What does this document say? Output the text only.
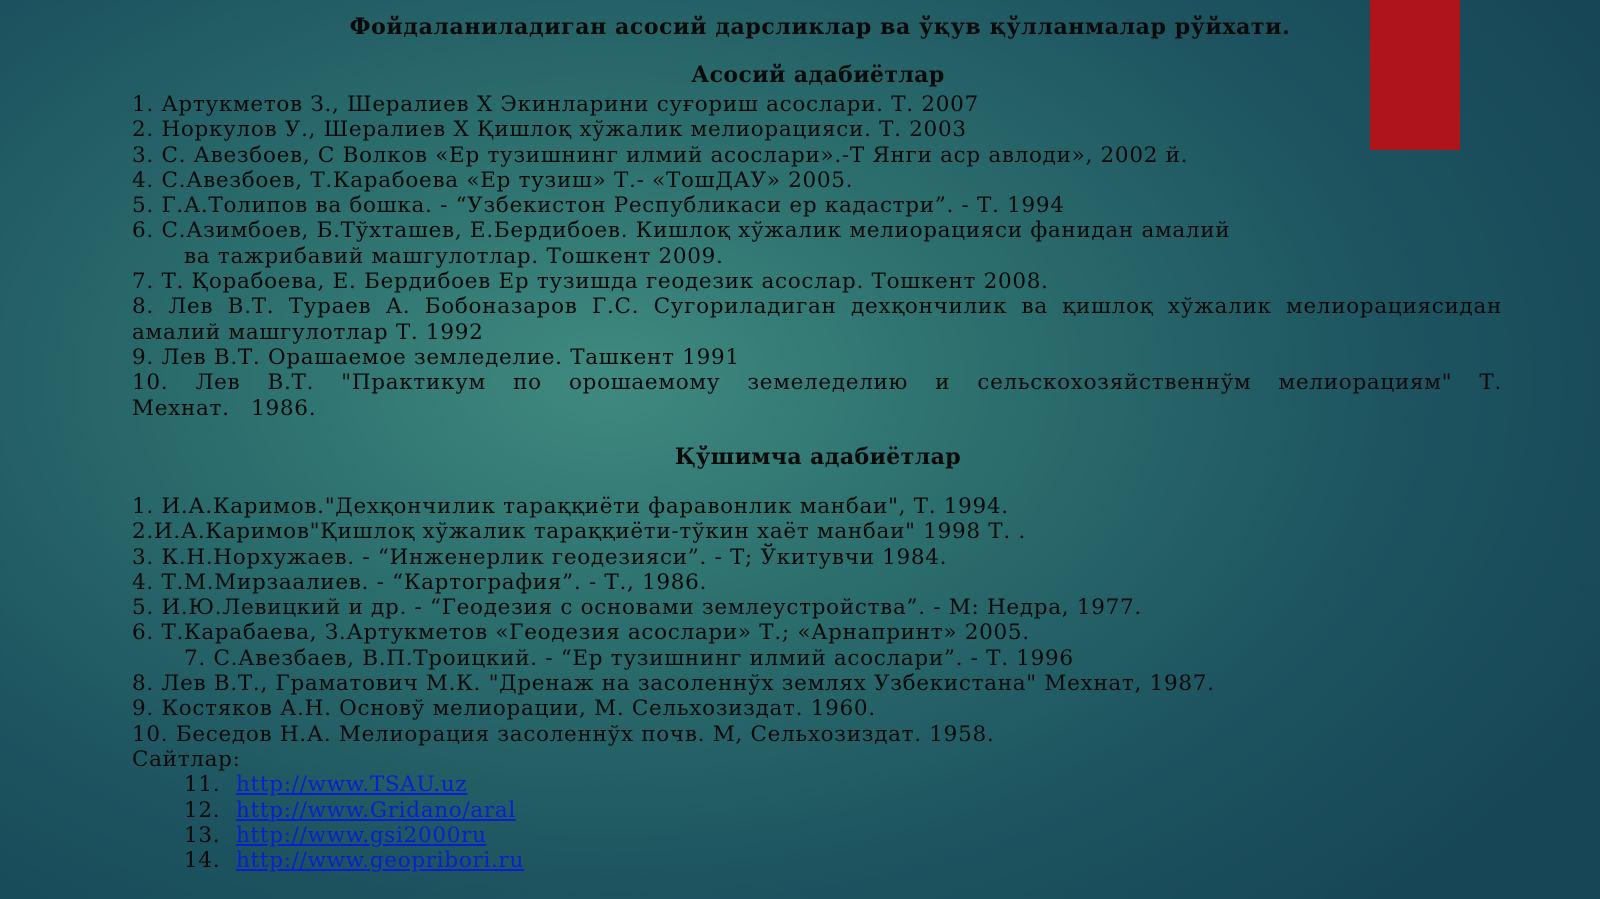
Фойдаланиладиган асосий дарсликлар ва ўқув қўлланмалар рўйхати.
Асосий адабиётлар

1. Артукметов З., Шералиев Х Экинларини суғориш асослари. Т. 2007

2. Норкулов У., Шералиев Х Қишлоқ хўжалик мелиорацияси. Т. 2003

3. С. Авезбоев, С Волков «Ер тузишнинг илмий асослари».-Т Янги аср авлоди», 2002 й.

4. С.Авезбоев, Т.Карабоева «Ер тузиш» Т.- «ТошДАУ» 2005.

5. Г.А.Толипов ва бошка. - “Узбекистон Республикаси ер кадастри”. - Т. 1994

6. С.Азимбоев, Б.Тўхташев, Е.Бердибоев. Кишлоқ хўжалик мелиорацияси фанидан амалий

ва тажрибавий машгулотлар. Тошкент 2009.

7. Т. Қорабоева, Е. Бердибоев Ер тузишда геодезик асослар. Тошкент 2008.

8. Лев В.Т. Тураев А. Бобоназаров Г.С. Сугориладиган дехқончилик ва қишлоқ хўжалик мелиорациясидан амалий машгулотлар Т. 1992

9. Лев В.Т. Орашаемое земледелие. Ташкент 1991

10. Лев В.Т. "Практикум по орошаемому земеледелию и сельскохозяйственнўм мелиорациям" Т. Мехнат. 1986.

Қўшимча адабиётлар

1. И.А.Каримов."Дехқончилик тараққиёти фаравонлик манбаи", Т. 1994.

2.И.А.Каримов"Қишлоқ хўжалик тараққиёти-тўкин хаёт манбаи" 1998 Т. .

3. К.Н.Норхужаев. - “Инженерлик геодезияси”. - Т; Ўкитувчи 1984.

4. Т.М.Мирзаалиев. - “Картография”. - Т., 1986.

5. И.Ю.Левицкий и др. - “Геодезия с основами землеустройства”. - М: Недра, 1977.

6. Т.Карабаева, З.Артукметов «Геодезия асослари» Т.; «Арнапринт» 2005.

7. С.Авезбаев, В.П.Троицкий. - “Ер тузишнинг илмий асослари”. - Т. 1996

8. Лев В.Т., Граматович М.К. "Дренаж на засоленнўх землях Узбекистана" Мехнат, 1987.

9. Костяков А.Н. Основў мелиорации, М. Сельхозиздат. 1960.

10. Беседов Н.А. Мелиорация засоленнўх почв. М, Сельхозиздат. 1958.

Сайтлар:

11. http://www.TSAU.uz

12. http://www.Gridano/aral

13. http://www.gsi2000ru

14. http://www.geopribori.ru
